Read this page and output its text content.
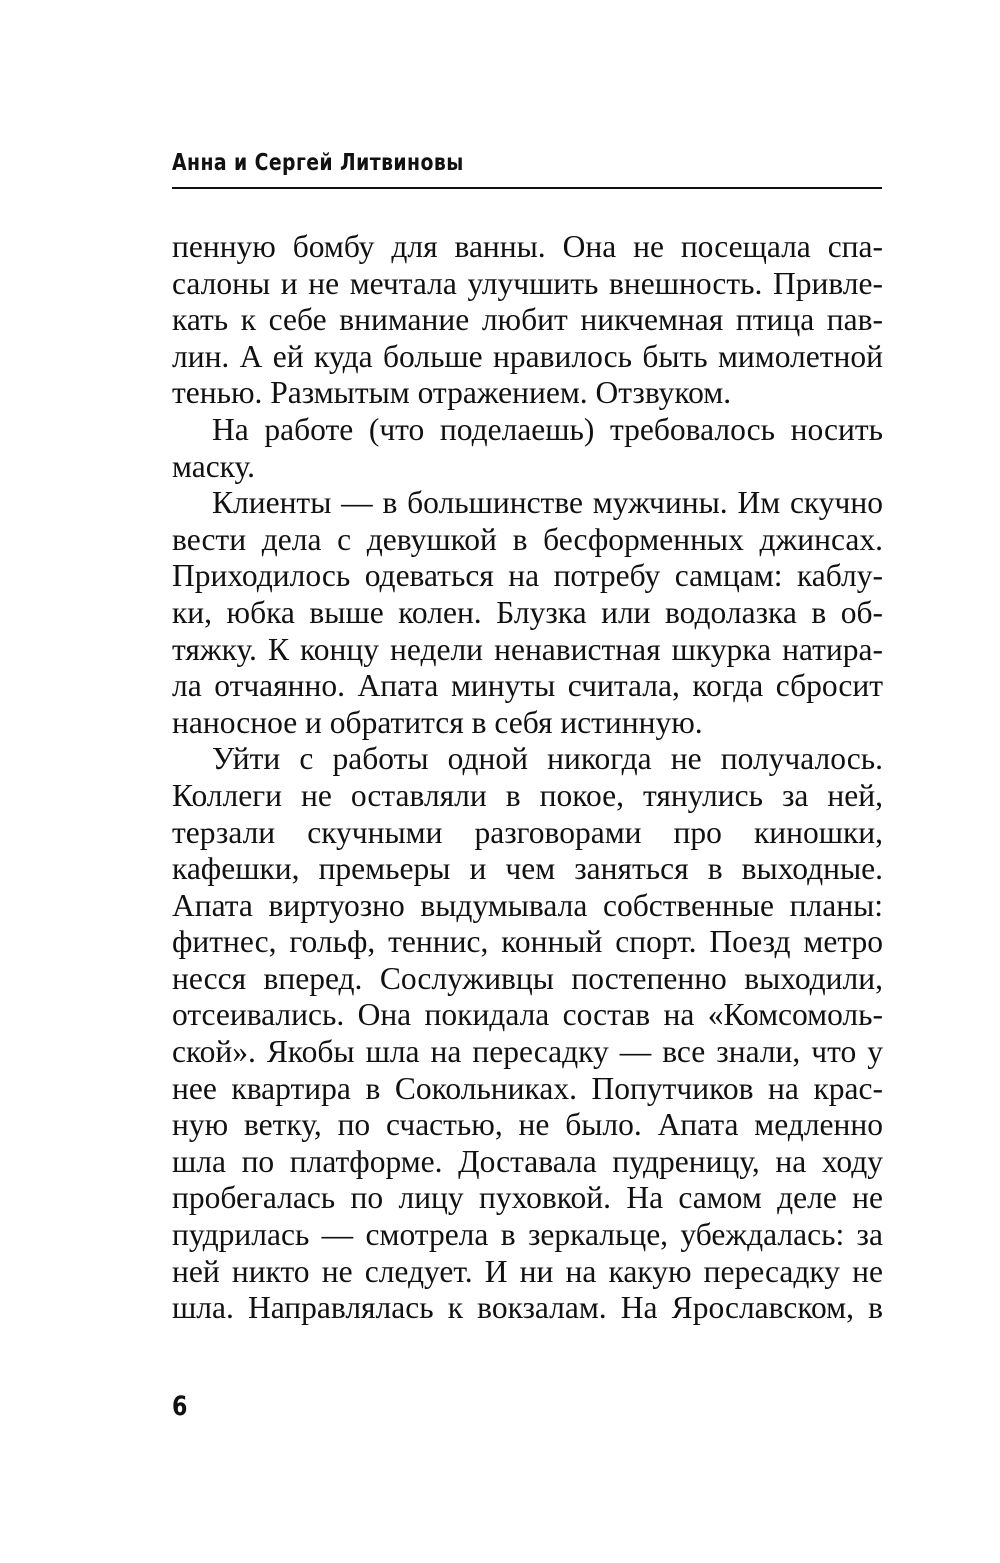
Анна и Сергей Литвиновы
пенную бомбу для ванны. Она не посещала спа-
салоны и не мечтала улучшить внешность. Привле-
кать к себе внимание любит никчемная птица пав-
лин. А ей куда больше нравилось быть мимолетной
тенью. Размытым отражением. Отзвуком.
На работе (что поделаешь) требовалось носить
маску.
Клиенты — в большинстве мужчины. Им скучно
вести дела с девушкой в бесформенных джинсах.
Приходилось одеваться на потребу самцам: каблу-
ки, юбка выше колен. Блузка или водолазка в об-
тяжку. К концу недели ненавистная шкурка натира-
ла отчаянно. Апата минуты считала, когда сбросит
наносное и обратится в себя истинную.
Уйти с работы одной никогда не получалось.
Коллеги не оставляли в покое, тянулись за ней,
терзали скучными разговорами про киношки,
кафешки, премьеры и чем заняться в выходные.
Апата виртуозно выдумывала собственные планы:
фитнес, гольф, теннис, конный спорт. Поезд метро
несся вперед. Сослуживцы постепенно выходили,
отсеивались. Она покидала состав на «Комсомоль-
ской». Якобы шла на пересадку — все знали, что у
нее квартира в Сокольниках. Попутчиков на крас-
ную ветку, по счастью, не было. Апата медленно
шла по платформе. Доставала пудреницу, на ходу
пробегалась по лицу пуховкой. На самом деле не
пудрилась — смотрела в зеркальце, убеждалась: за
ней никто не следует. И ни на какую пересадку не
шла. Направлялась к вокзалам. На Ярославском, в
6
